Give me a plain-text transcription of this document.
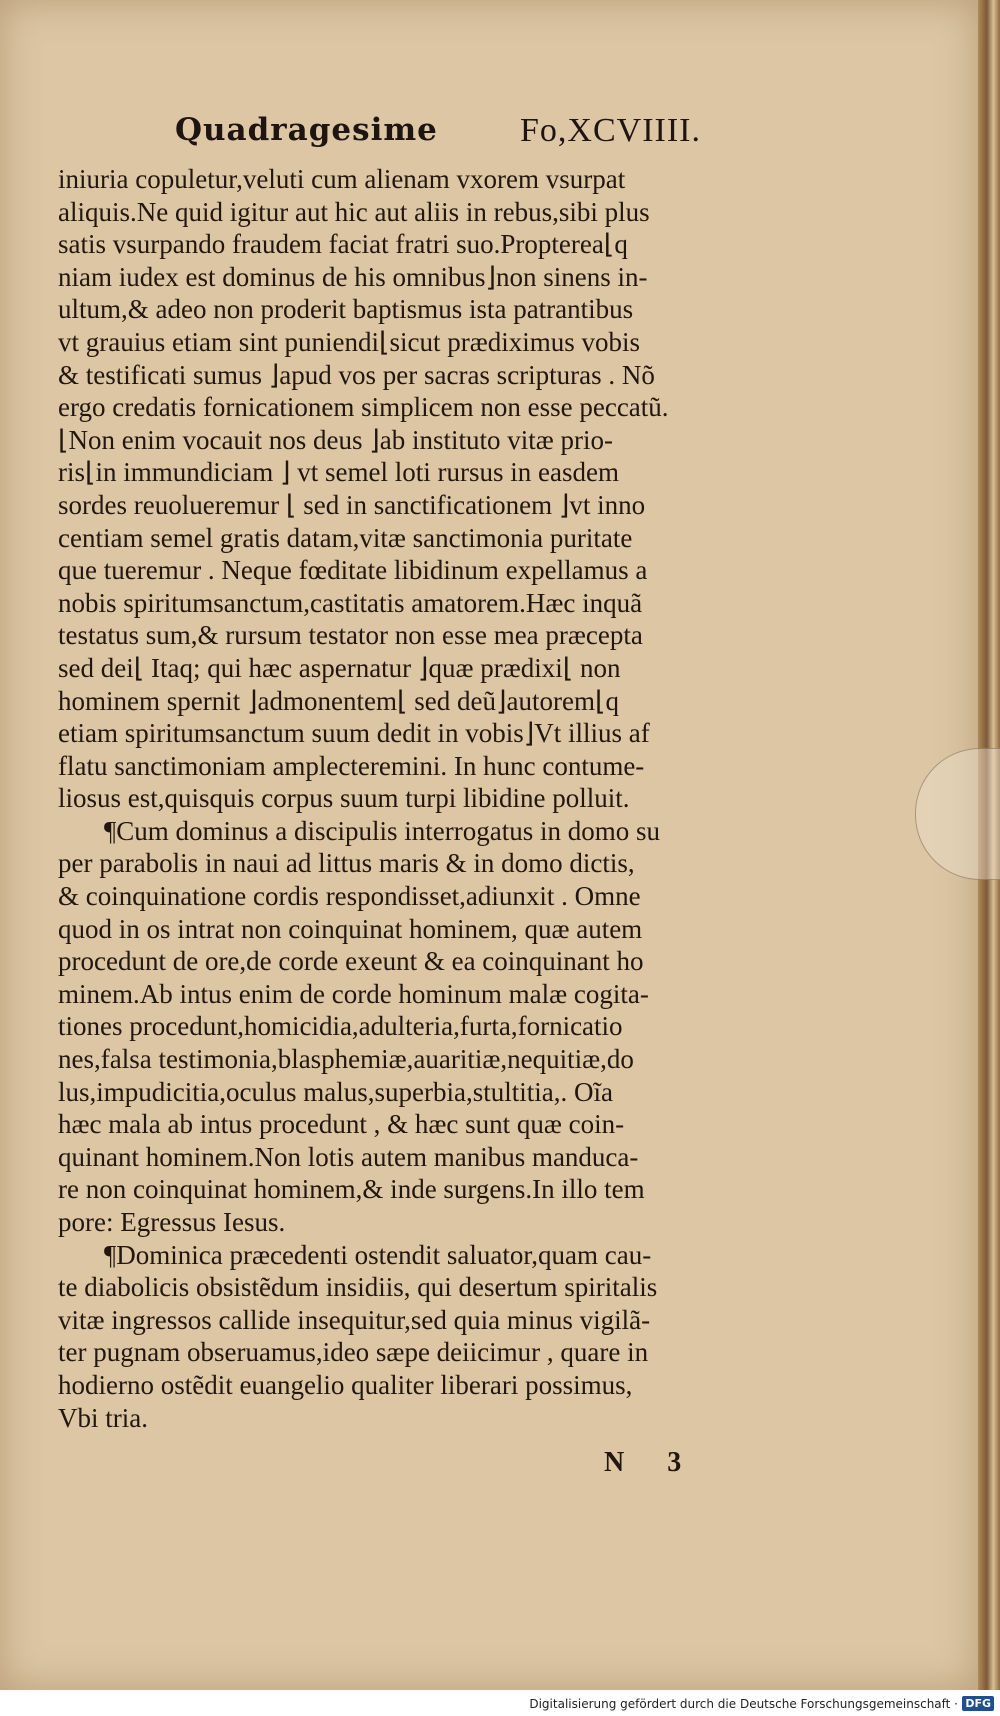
Quadragesime Fo,XCVIIII.
iniuria copuletur,veluti cum alienam vxorem vsurpat
aliquis.Ne quid igitur aut hic aut aliis in rebus,sibi plus
satis vsurpando fraudem faciat fratri suo.Propterea⌊q
niam iudex est dominus de his omnibus⌋non sinens in-
ultum,& adeo non proderit baptismus ista patrantibus
vt grauius etiam sint puniendi⌊sicut prædiximus vobis
& testificati sumus ⌋apud vos per sacras scripturas . Nõ
ergo credatis fornicationem simplicem non esse peccatũ.
⌊Non enim vocauit nos deus ⌋ab instituto vitæ prio-
ris⌊in immundiciam ⌋ vt semel loti rursus in easdem
sordes reuolueremur ⌊ sed in sanctificationem ⌋vt inno
centiam semel gratis datam,vitæ sanctimonia puritate
que tueremur . Neque fœditate libidinum expellamus a
nobis spiritumsanctum,castitatis amatorem.Hæc inquã
testatus sum,& rursum testator non esse mea præcepta
sed dei⌊ Itaq; qui hæc aspernatur ⌋quæ prædixi⌊ non
hominem spernit ⌋admonentem⌊ sed deũ⌋autorem⌊q
etiam spiritumsanctum suum dedit in vobis⌋Vt illius af
flatu sanctimoniam amplecteremini. In hunc contume-
liosus est,quisquis corpus suum turpi libidine polluit.
¶Cum dominus a discipulis interrogatus in domo su
per parabolis in naui ad littus maris & in domo dictis,
& coinquinatione cordis respondisset,adiunxit . Omne
quod in os intrat non coinquinat hominem, quæ autem
procedunt de ore,de corde exeunt & ea coinquinant ho
minem.Ab intus enim de corde hominum malæ cogita-
tiones procedunt,homicidia,adulteria,furta,fornicatio
nes,falsa testimonia,blasphemiæ,auaritiæ,nequitiæ,do
lus,impudicitia,oculus malus,superbia,stultitia,. Oĩa
hæc mala ab intus procedunt , & hæc sunt quæ coin-
quinant hominem.Non lotis autem manibus manduca-
re non coinquinat hominem,& inde surgens.In illo tem
pore: Egressus Iesus.
¶Dominica præcedenti ostendit saluator,quam cau-
te diabolicis obsistẽdum insidiis, qui desertum spiritalis
vitæ ingressos callide insequitur,sed quia minus vigilã-
ter pugnam obseruamus,ideo sæpe deiicimur , quare in
hodierno ostẽdit euangelio qualiter liberari possimus,
Vbi tria.
N 3
Digitalisierung gefördert durch die Deutsche Forschungsgemeinschaft · DFG
